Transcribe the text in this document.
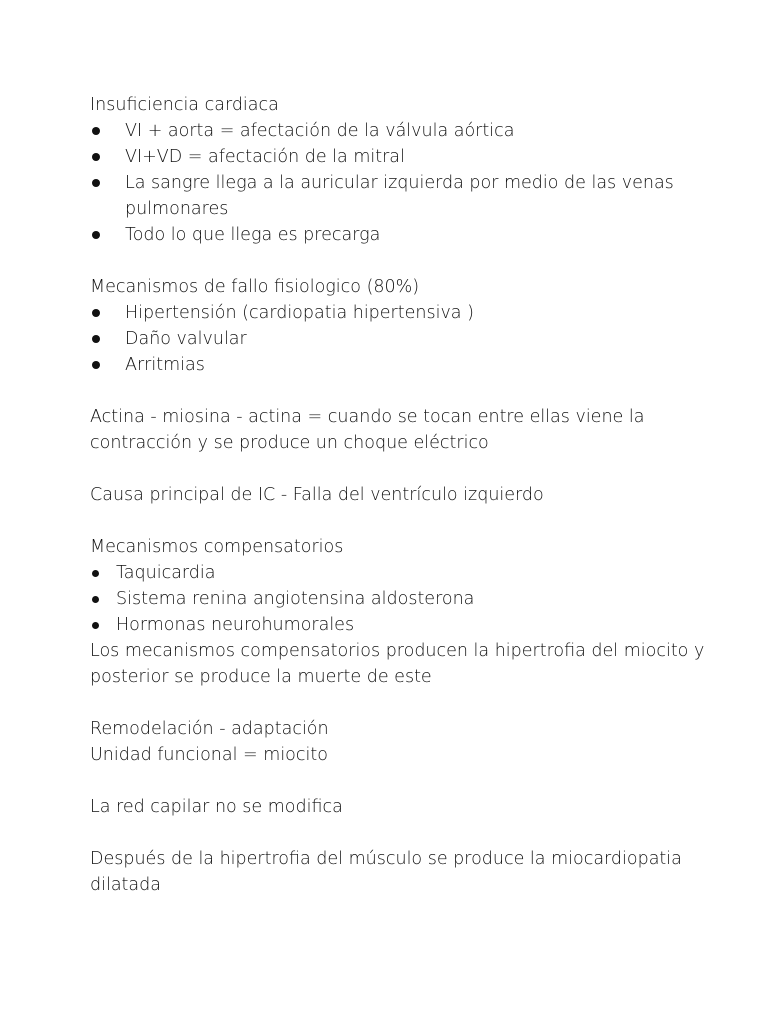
Insuficiencia cardiaca

VI + aorta = afectación de la válvula aórtica
VI+VD = afectación de la mitral
La sangre llega a la auricular izquierda por medio de las venas pulmonares
Todo lo que llega es precarga

Mecanismos de fallo fisiologico (80%)

Hipertensión (cardiopatia hipertensiva )
Daño valvular
Arritmias

Actina - miosina - actina = cuando se tocan entre ellas viene la contracción y se produce un choque eléctrico

Causa principal de IC - Falla del ventrículo izquierdo

Mecanismos compensatorios

Taquicardia
Sistema renina angiotensina aldosterona
Hormonas neurohumorales

Los mecanismos compensatorios producen la hipertrofia del miocito y posterior se produce la muerte de este

Remodelación - adaptación

Unidad funcional = miocito

La red capilar no se modifica

Después de la hipertrofia del músculo se produce la miocardiopatia dilatada
